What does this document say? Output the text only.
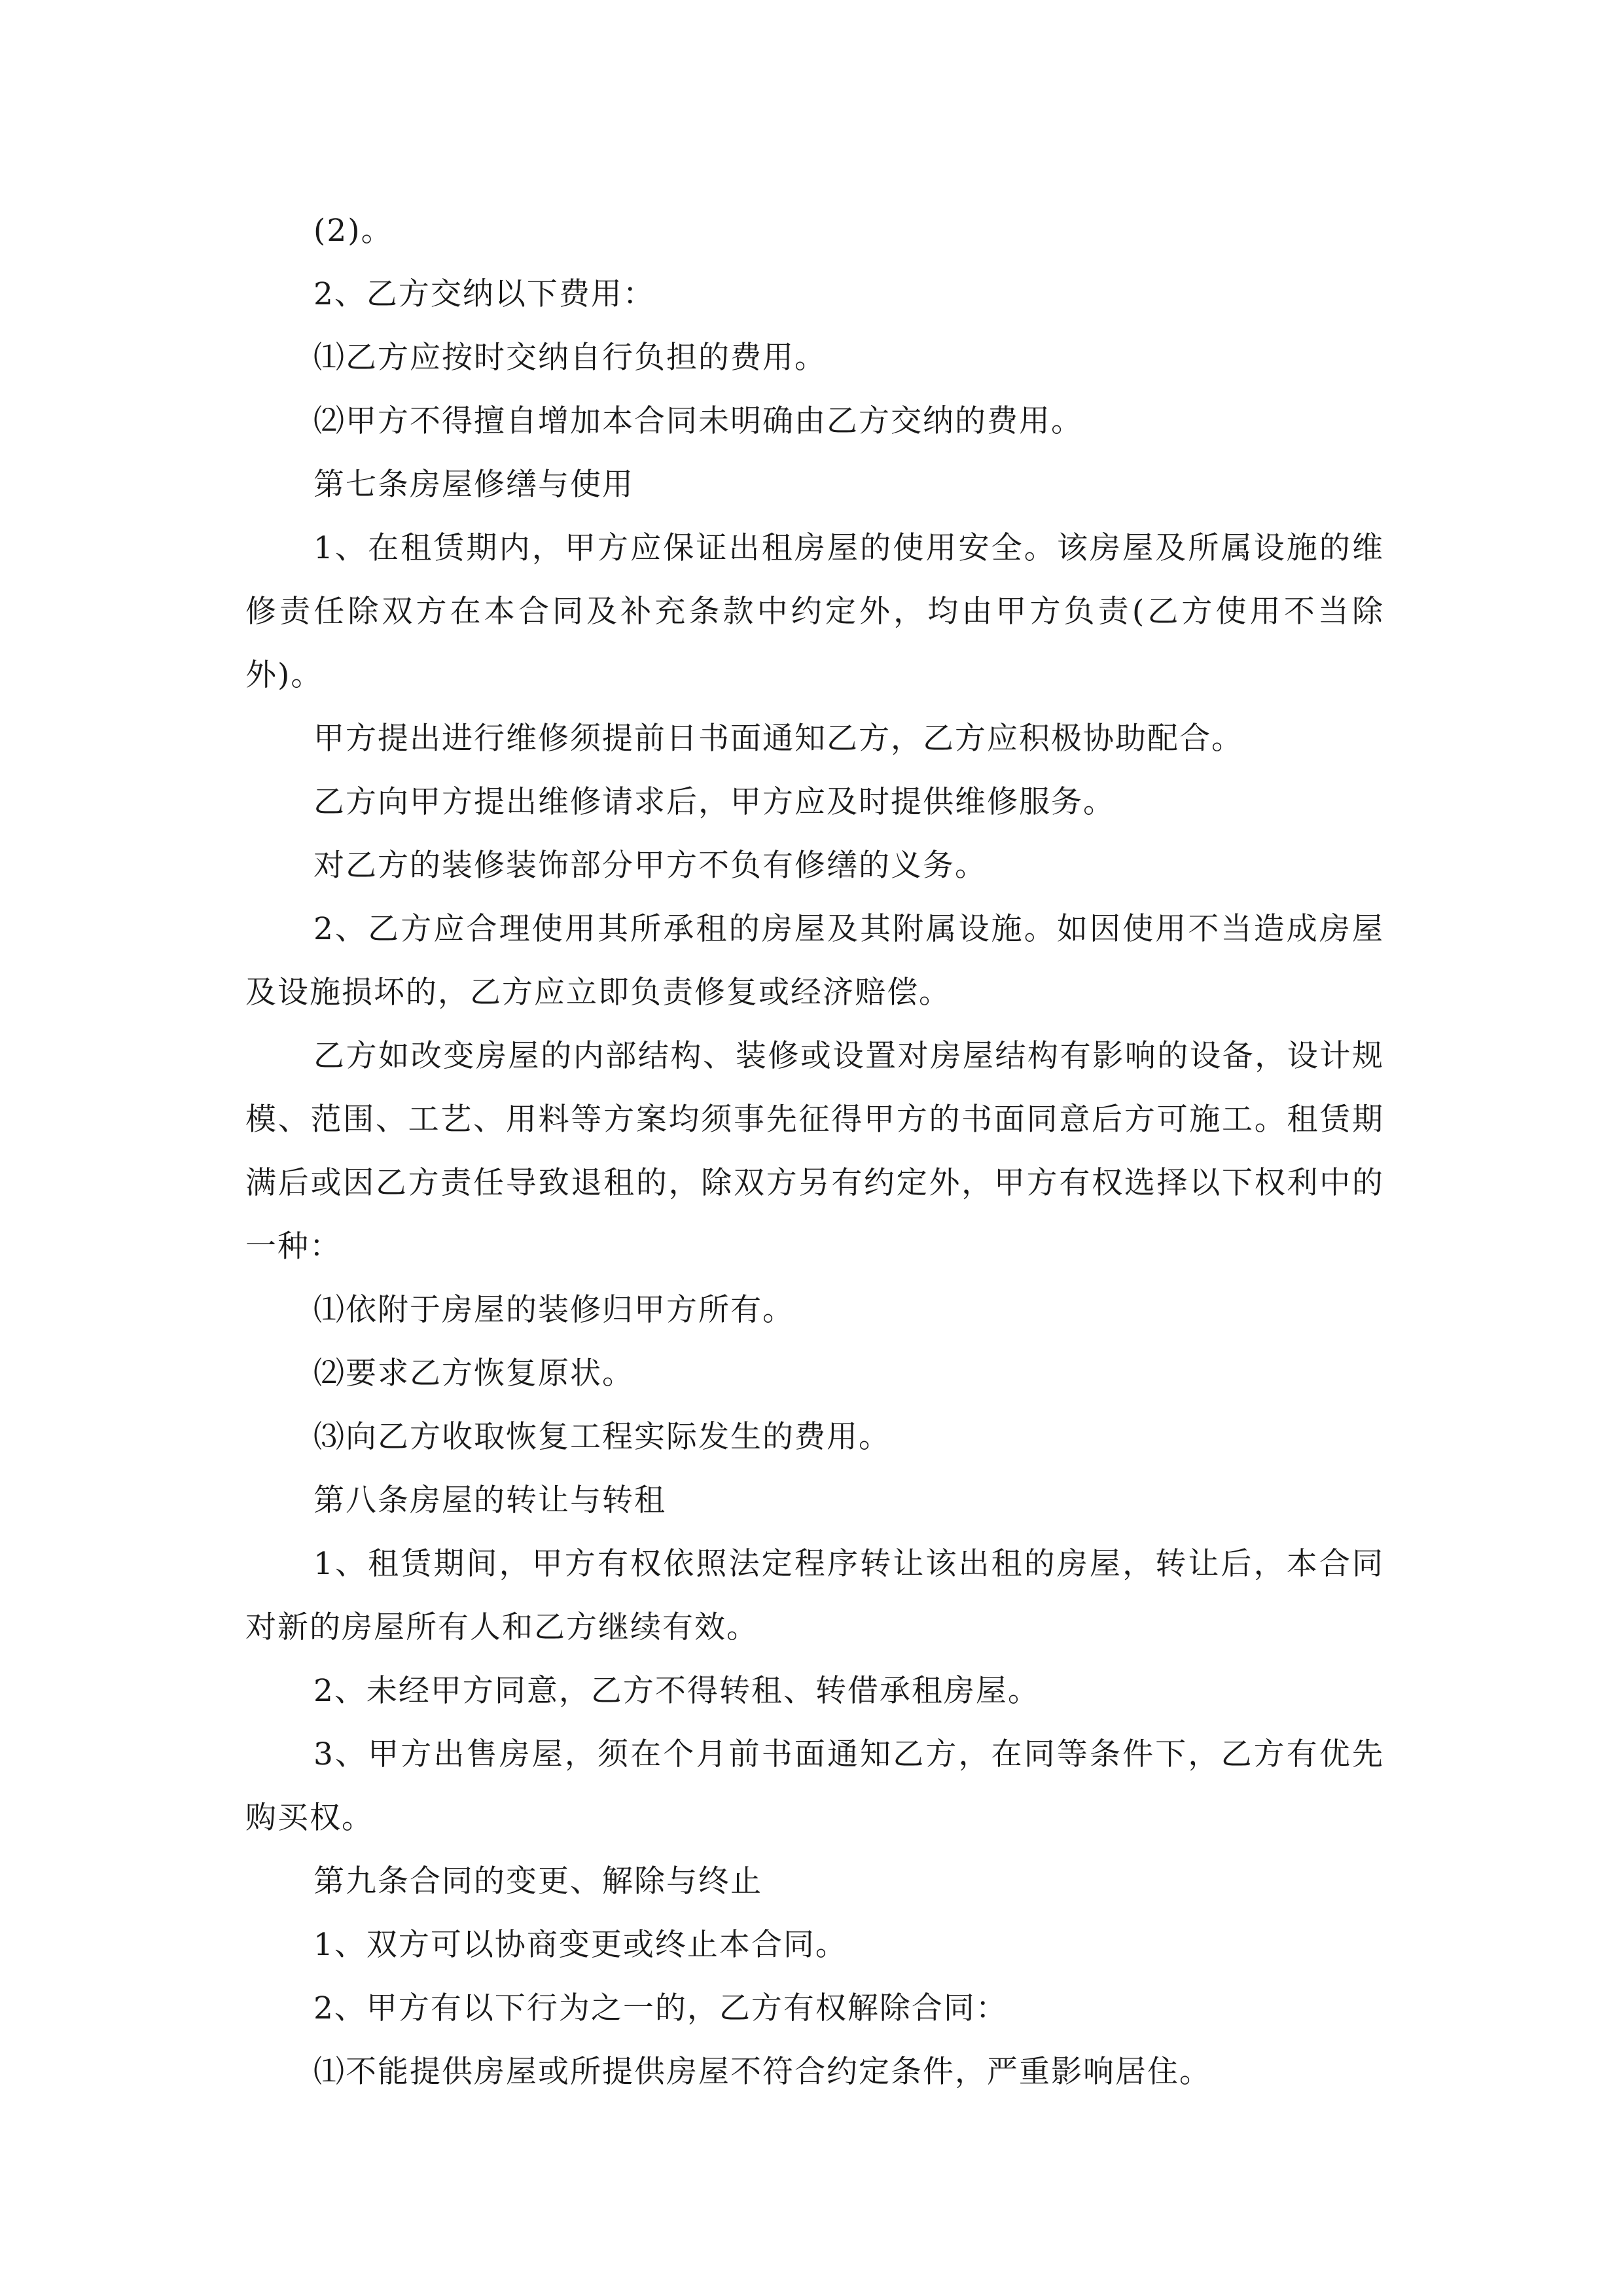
(2)。

2、乙方交纳以下费用：

⑴乙方应按时交纳自行负担的费用。

⑵甲方不得擅自增加本合同未明确由乙方交纳的费用。

第七条房屋修缮与使用

1、在租赁期内，甲方应保证出租房屋的使用安全。该房屋及所属设施的维修责任除双方在本合同及补充条款中约定外，均由甲方负责(乙方使用不当除外)。

甲方提出进行维修须提前日书面通知乙方，乙方应积极协助配合。

乙方向甲方提出维修请求后，甲方应及时提供维修服务。

对乙方的装修装饰部分甲方不负有修缮的义务。

2、乙方应合理使用其所承租的房屋及其附属设施。如因使用不当造成房屋及设施损坏的，乙方应立即负责修复或经济赔偿。

乙方如改变房屋的内部结构、装修或设置对房屋结构有影响的设备，设计规模、范围、工艺、用料等方案均须事先征得甲方的书面同意后方可施工。租赁期满后或因乙方责任导致退租的，除双方另有约定外，甲方有权选择以下权利中的一种：

⑴依附于房屋的装修归甲方所有。

⑵要求乙方恢复原状。

⑶向乙方收取恢复工程实际发生的费用。

第八条房屋的转让与转租

1、租赁期间，甲方有权依照法定程序转让该出租的房屋，转让后，本合同对新的房屋所有人和乙方继续有效。

2、未经甲方同意，乙方不得转租、转借承租房屋。

3、甲方出售房屋，须在个月前书面通知乙方，在同等条件下，乙方有优先购买权。

第九条合同的变更、解除与终止

1、双方可以协商变更或终止本合同。

2、甲方有以下行为之一的，乙方有权解除合同：

⑴不能提供房屋或所提供房屋不符合约定条件，严重影响居住。
